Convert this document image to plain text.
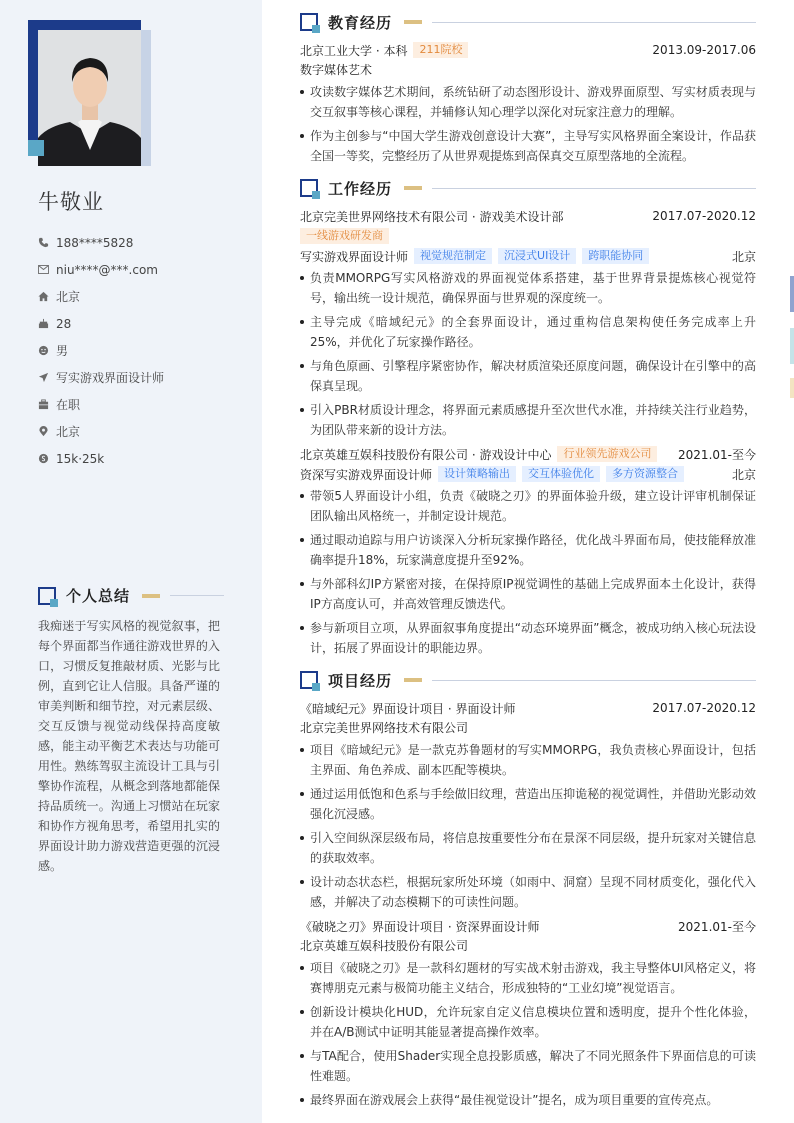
牛敬业
188****5828
niu****@***.com
北京
28
男
写实游戏界面设计师
在职
北京
15k·25k
个人总结

我痴迷于写实风格的视觉叙事，把每个界面都当作通往游戏世界的入口，习惯反复推敲材质、光影与比例，直到它让人信服。具备严谨的审美判断和细节控，对元素层级、交互反馈与视觉动线保持高度敏感，能主动平衡艺术表达与功能可用性。熟练驾驭主流设计工具与引擎协作流程，从概念到落地都能保持品质统一。沟通上习惯站在玩家和协作方视角思考，希望用扎实的界面设计助力游戏营造更强的沉浸感。

教育经历
北京工业大学 · 本科	211院校	2013.09-2017.06
数字媒体艺术
攻读数字媒体艺术期间，系统钻研了动态图形设计、游戏界面原型、写实材质表现与交互叙事等核心课程，并辅修认知心理学以深化对玩家注意力的理解。
作为主创参与“中国大学生游戏创意设计大赛”，主导写实风格界面全案设计，作品获全国一等奖，完整经历了从世界观提炼到高保真交互原型落地的全流程。
工作经历
北京完美世界网络技术有限公司 · 游戏美术设计部	2017.07-2020.12
一线游戏研发商
写实游戏界面设计师	视觉规范制定	沉浸式UI设计	跨职能协同	北京
负责MMORPG写实风格游戏的界面视觉体系搭建，基于世界背景提炼核心视觉符号，输出统一设计规范，确保界面与世界观的深度统一。
主导完成《暗域纪元》的全套界面设计，通过重构信息架构使任务完成率上升25%，并优化了玩家操作路径。
与角色原画、引擎程序紧密协作，解决材质渲染还原度问题，确保设计在引擎中的高保真呈现。
引入PBR材质设计理念，将界面元素质感提升至次世代水准，并持续关注行业趋势，为团队带来新的设计方法。
北京英雄互娱科技股份有限公司 · 游戏设计中心	行业领先游戏公司	2021.01-至今
资深写实游戏界面设计师	设计策略输出	交互体验优化	多方资源整合	北京
带领5人界面设计小组，负责《破晓之刃》的界面体验升级，建立设计评审机制保证团队输出风格统一，并制定设计规范。
通过眼动追踪与用户访谈深入分析玩家操作路径，优化战斗界面布局，使技能释放准确率提升18%，玩家满意度提升至92%。
与外部科幻IP方紧密对接，在保持原IP视觉调性的基础上完成界面本土化设计，获得IP方高度认可，并高效管理反馈迭代。
参与新项目立项，从界面叙事角度提出“动态环境界面”概念，被成功纳入核心玩法设计，拓展了界面设计的职能边界。
项目经历
《暗域纪元》界面设计项目 · 界面设计师	2017.07-2020.12
北京完美世界网络技术有限公司
项目《暗域纪元》是一款克苏鲁题材的写实MMORPG，我负责核心界面设计，包括主界面、角色养成、副本匹配等模块。
通过运用低饱和色系与手绘做旧纹理，营造出压抑诡秘的视觉调性，并借助光影动效强化沉浸感。
引入空间纵深层级布局，将信息按重要性分布在景深不同层级，提升玩家对关键信息的获取效率。
设计动态状态栏，根据玩家所处环境（如雨中、洞窟）呈现不同材质变化，强化代入感，并解决了动态模糊下的可读性问题。
《破晓之刃》界面设计项目 · 资深界面设计师	2021.01-至今
北京英雄互娱科技股份有限公司
项目《破晓之刃》是一款科幻题材的写实战术射击游戏，我主导整体UI风格定义，将赛博朋克元素与极简功能主义结合，形成独特的“工业幻境”视觉语言。
创新设计模块化HUD，允许玩家自定义信息模块位置和透明度，提升个性化体验，并在A/B测试中证明其能显著提高操作效率。
与TA配合，使用Shader实现全息投影质感，解决了不同光照条件下界面信息的可读性难题。
最终界面在游戏展会上获得“最佳视觉设计”提名，成为项目重要的宣传亮点。
